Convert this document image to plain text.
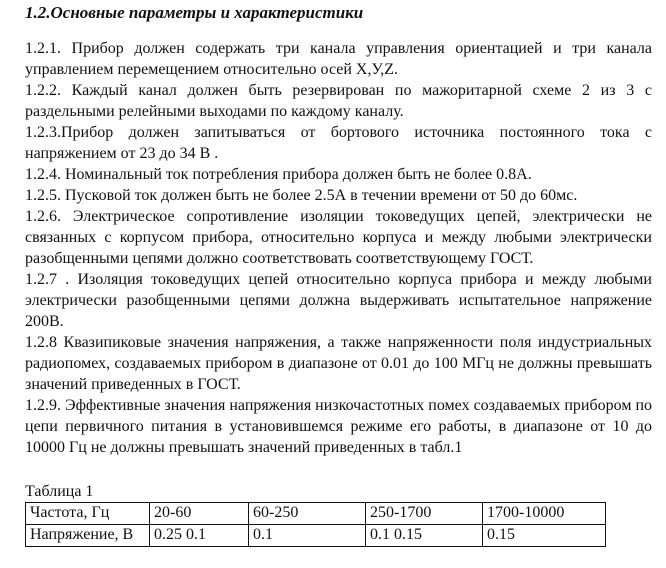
1.2.Основные параметры и характеристики

1.2.1. Прибор должен содержать три канала управления ориентацией и три канала управлением перемещением относительно осей X,У,Z.

1.2.2. Каждый канал должен быть резервирован по мажоритарной схеме 2 из 3 с раздельными релейными выходами по каждому каналу.

1.2.3.Прибор должен запитываться от бортового источника постоянного тока с напряжением от 23 до 34 В .

1.2.4. Номинальный ток потребления прибора должен быть не более 0.8А.

1.2.5. Пусковой ток должен быть не более 2.5А в течении времени от 50 до 60мс.

1.2.6. Электрическое сопротивление изоляции токоведущих цепей, электрически не связанных с корпусом прибора, относительно корпуса и между любыми электрически разобщенными цепями должно соответствовать соответствующему ГОСТ.

1.2.7 . Изоляция токоведущих цепей относительно корпуса прибора и между любыми электрически разобщенными цепями должна выдерживать испытательное напряжение 200В.

1.2.8 Квазипиковые значения напряжения, а также напряженности поля индустриальных радиопомех, создаваемых прибором в диапазоне от 0.01 до 100 МГц не должны превышать значений приведенных в ГОСТ.

1.2.9. Эффективные значения напряжения низкочастотных помех создаваемых прибором по цепи первичного питания в установившемся режиме его работы, в диапазоне от 10 до 10000 Гц не должны превышать значений приведенных в табл.1

Таблица 1
Частота, Гц	20-60	60-250	250-1700	1700-10000
Напряжение, В	0.25 0.1	0.1	0.1 0.15	0.15
